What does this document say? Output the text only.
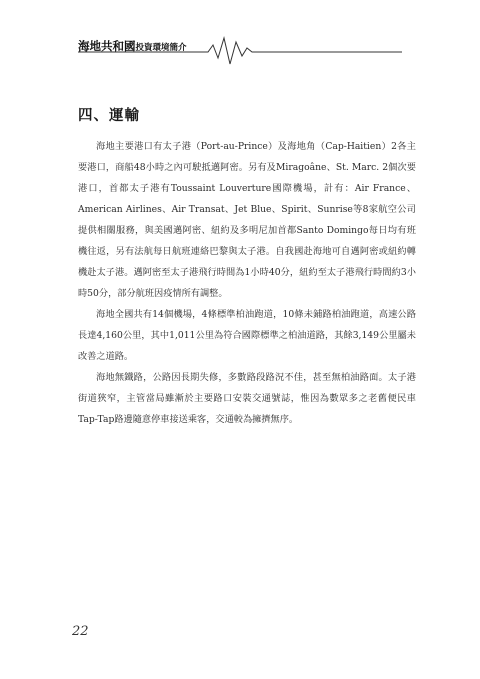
海地共和國投資環境簡介
四、運輸

海地主要港口有太子港（Port-au-Prince）及海地角（Cap-Haitien）2各主要港口，商船48小時之內可駛抵邁阿密。另有及Miragoâne、St. Marc. 2個次要港口，首都太子港有Toussaint Louverture國際機場，計有：Air France、American Airlines、Air Transat、Jet Blue、Spirit、Sunrise等8家航空公司提供相關服務，與美國邁阿密、紐約及多明尼加首都Santo Domingo每日均有班機往返，另有法航每日航班連絡巴黎與太子港。自我國赴海地可自邁阿密或紐約轉機赴太子港。邁阿密至太子港飛行時間為1小時40分，紐約至太子港飛行時間約3小時50分，部分航班因疫情所有調整。

海地全國共有14個機場，4條標準柏油跑道，10條未鋪路柏油跑道，高速公路長達4,160公里，其中1,011公里為符合國際標準之柏油道路，其餘3,149公里屬未改善之道路。

海地無鐵路，公路因長期失修，多數路段路況不佳，甚至無柏油路面。太子港街道狹窄，主管當局雖漸於主要路口安裝交通號誌，惟因為數眾多之老舊便民車Tap-Tap路邊隨意停車接送乘客，交通較為擁擠無序。

22
